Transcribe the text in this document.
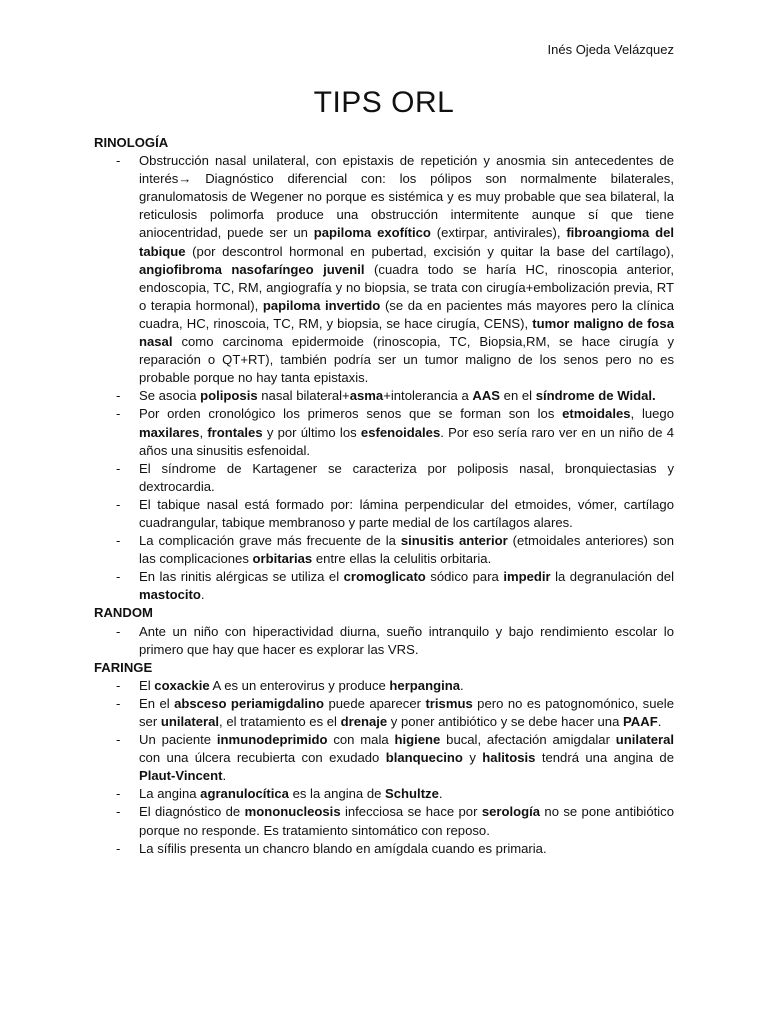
Inés Ojeda Velázquez
TIPS ORL
RINOLOGÍA
- Obstrucción nasal unilateral, con epistaxis de repetición y anosmia sin antecedentes de interés→ Diagnóstico diferencial con: los pólipos son normalmente bilaterales, granulomatosis de Wegener no porque es sistémica y es muy probable que sea bilateral, la reticulosis polimorfa produce una obstrucción intermitente aunque sí que tiene aniocentridad, puede ser un papiloma exofítico (extirpar, antivirales), fibroangioma del tabique (por descontrol hormonal en pubertad, excisión y quitar la base del cartílago), angiofibroma nasofaríngeo juvenil (cuadra todo se haría HC, rinoscopia anterior, endoscopia, TC, RM, angiografía y no biopsia, se trata con cirugía+embolización previa, RT o terapia hormonal), papiloma invertido (se da en pacientes más mayores pero la clínica cuadra, HC, rinoscoia, TC, RM, y biopsia, se hace cirugía, CENS), tumor maligno de fosa nasal como carcinoma epidermoide (rinoscopia, TC, Biopsia,RM, se hace cirugía y reparación o QT+RT), también podría ser un tumor maligno de los senos pero no es probable porque no hay tanta epistaxis.
- Se asocia poliposis nasal bilateral+asma+intolerancia a AAS en el síndrome de Widal.
- Por orden cronológico los primeros senos que se forman son los etmoidales, luego maxilares, frontales y por último los esfenoidales. Por eso sería raro ver en un niño de 4 años una sinusitis esfenoidal.
- El síndrome de Kartagener se caracteriza por poliposis nasal, bronquiectasias y dextrocardia.
- El tabique nasal está formado por: lámina perpendicular del etmoides, vómer, cartílago cuadrangular, tabique membranoso y parte medial de los cartílagos alares.
- La complicación grave más frecuente de la sinusitis anterior (etmoidales anteriores) son las complicaciones orbitarias entre ellas la celulitis orbitaria.
- En las rinitis alérgicas se utiliza el cromoglicato sódico para impedir la degranulación del mastocito.
RANDOM
- Ante un niño con hiperactividad diurna, sueño intranquilo y bajo rendimiento escolar lo primero que hay que hacer es explorar las VRS.
FARINGE
- El coxackie A es un enterovirus y produce herpangina.
- En el absceso periamigdalino puede aparecer trismus pero no es patognomónico, suele ser unilateral, el tratamiento es el drenaje y poner antibiótico y se debe hacer una PAAF.
- Un paciente inmunodeprimido con mala higiene bucal, afectación amigdalar unilateral con una úlcera recubierta con exudado blanquecino y halitosis tendrá una angina de Plaut-Vincent.
- La angina agranulocítica es la angina de Schultze.
- El diagnóstico de mononucleosis infecciosa se hace por serología no se pone antibiótico porque no responde. Es tratamiento sintomático con reposo.
- La sífilis presenta un chancro blando en amígdala cuando es primaria.
